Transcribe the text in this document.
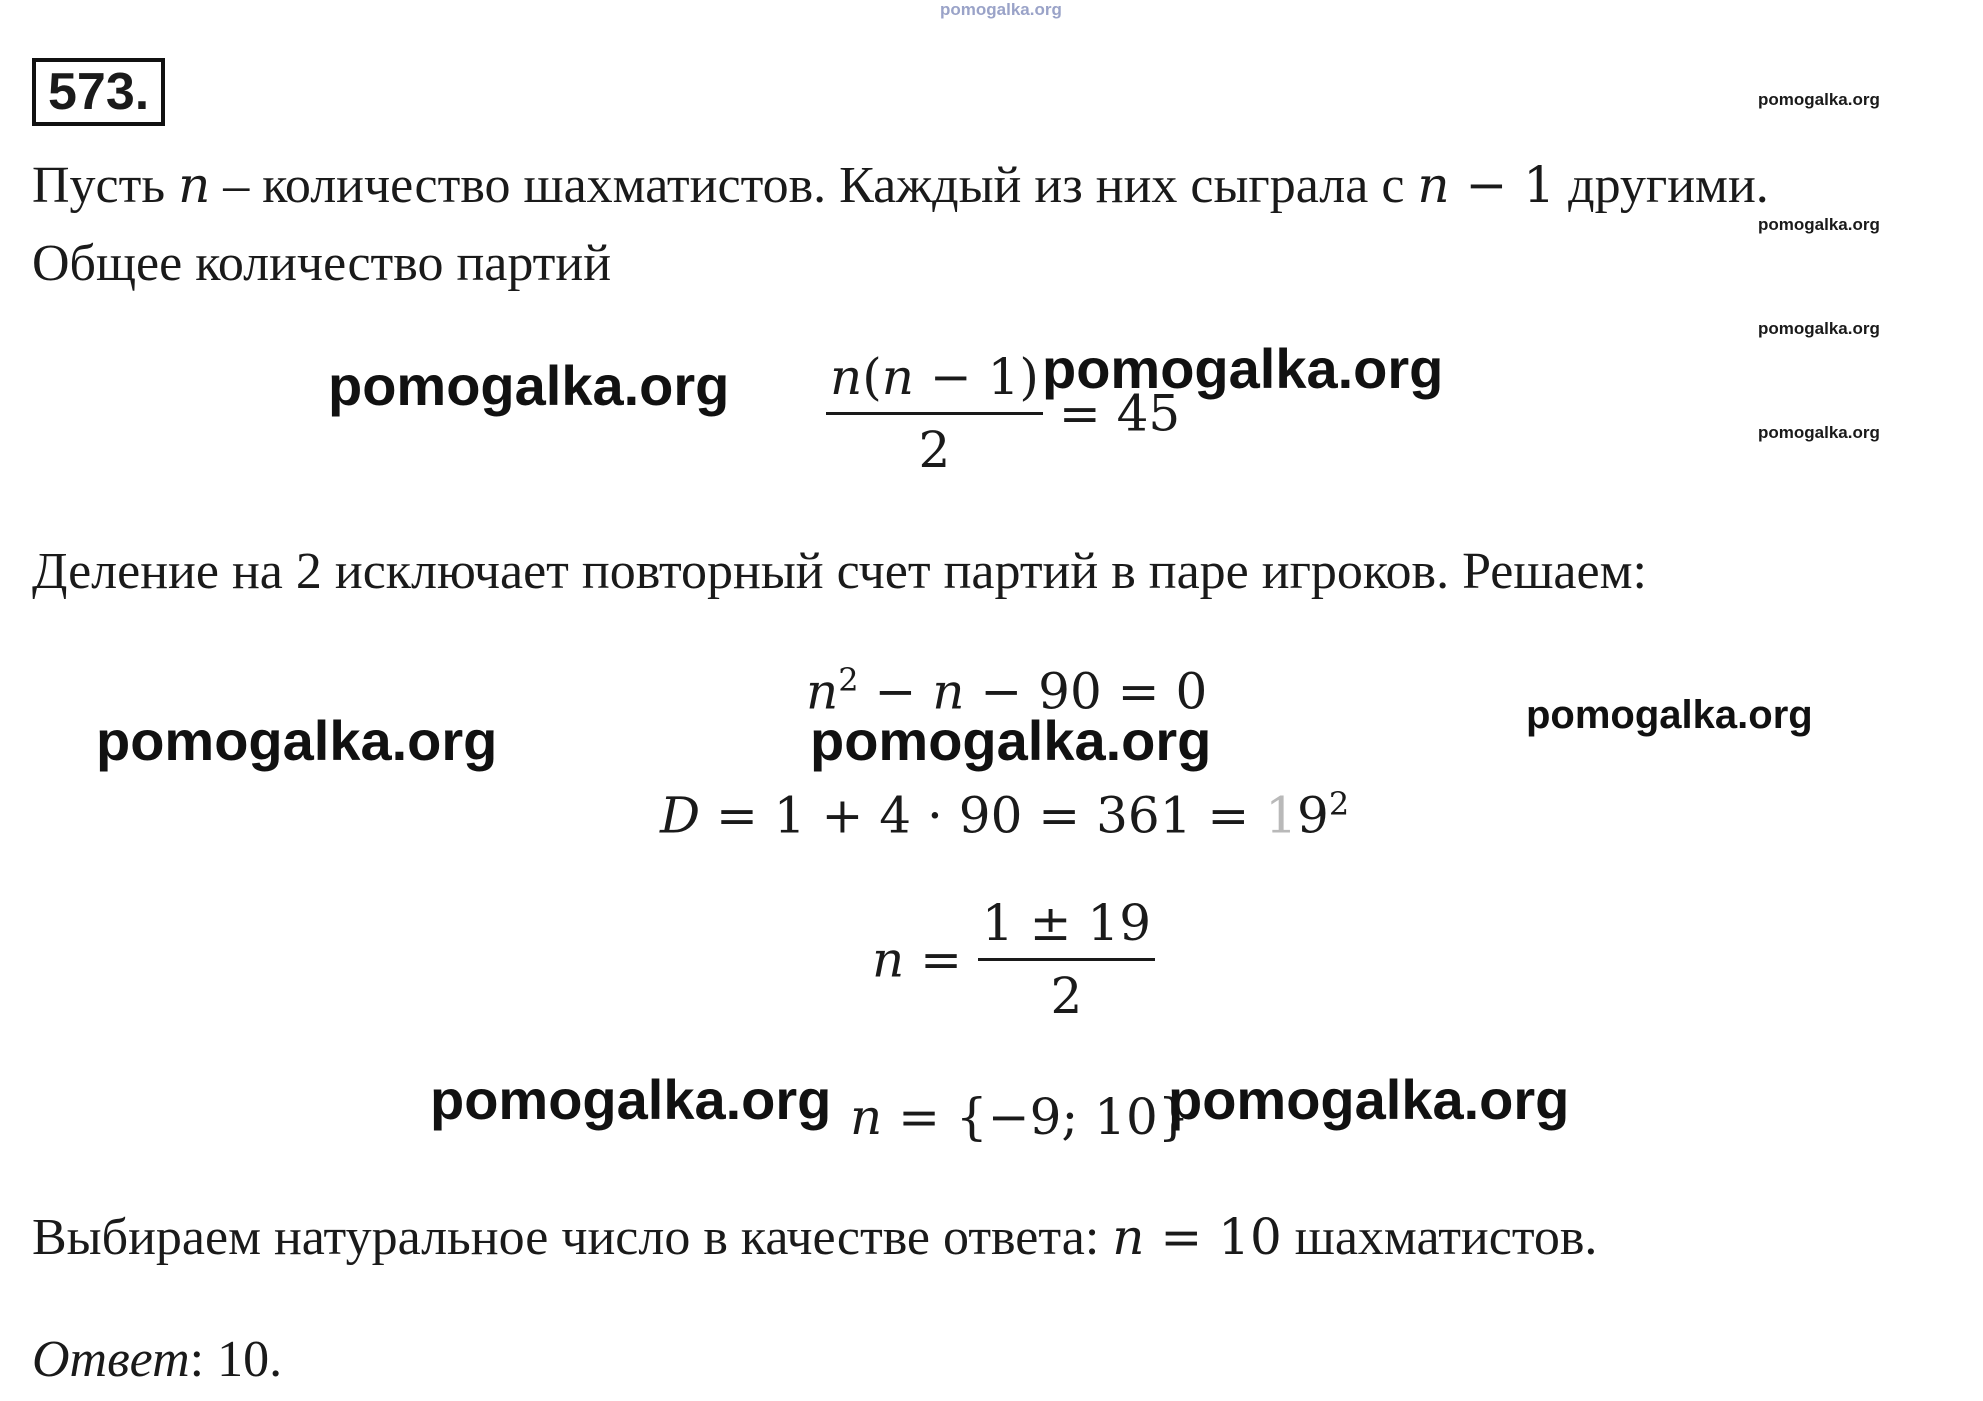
pomogalka.org
573.	pomogalka.org
pomogalka.org
pomogalka.org
pomogalka.org
Пусть n – количество шахматистов. Каждый из них сыграла с n − 1 другими.
Общее количество партий
$\frac{n(n - 1)}{2} = 45$
pomogalka.org	pomogalka.org
Деление на 2 исключает повторный счет партий в паре игроков. Решаем:
$n^2 - n - 90 = 0$
pomogalka.org	pomogalka.org	pomogalka.org
$D = 1 + 4 \cdot 90 = 361 = 19^2$
$n = \frac{1 \pm 19}{2}$
n = {−9; 10}
pomogalka.org	pomogalka.org
Выбираем натуральное число в качестве ответа: n = 10 шахматистов.
Ответ: 10.
